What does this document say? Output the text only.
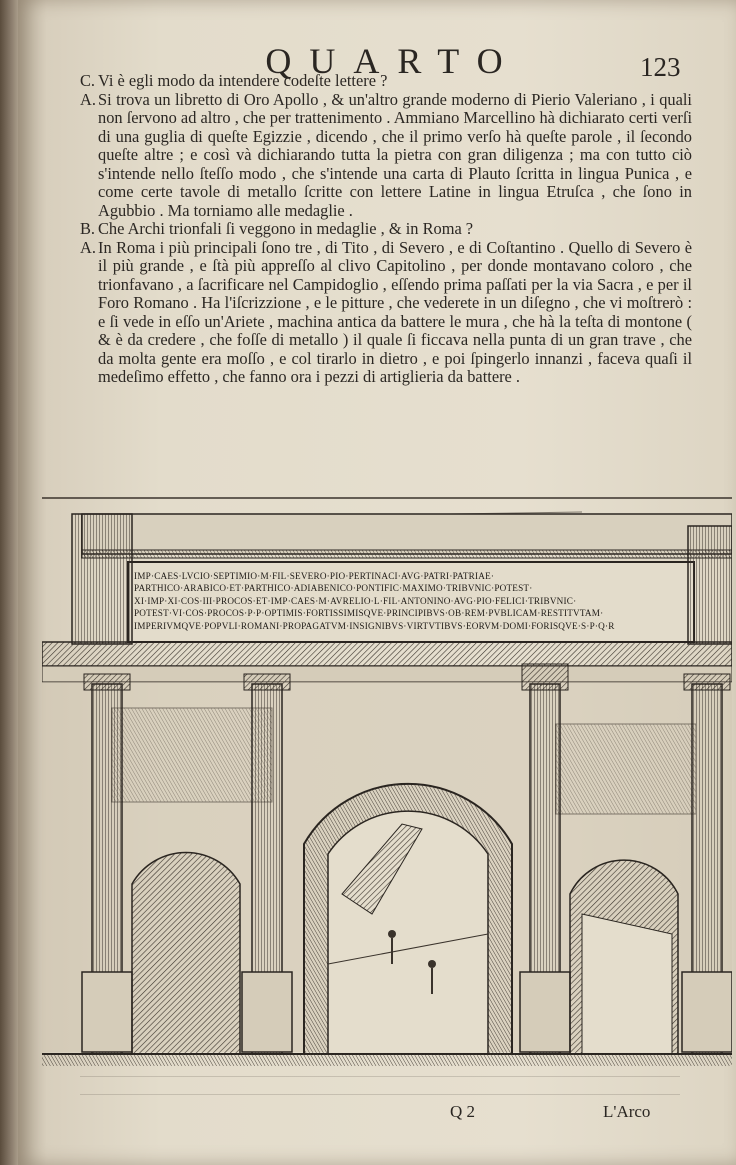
QUARTO	123
C. Vi è egli modo da intendere codeſte lettere ?
A. Si trova un libretto di Oro Apollo , & un'altro grande moderno di Pierio Valeriano , i quali non ſervono ad altro , che per trattenimento . Ammiano Marcellino hà dichiarato certi verſi di una guglia di queſte Egizzie , dicendo , che il primo verſo hà queſte parole , il ſecondo queſte altre ; e così và dichiarando tutta la pietra con gran diligenza ; ma con tutto ciò s'intende nello ſteſſo modo , che s'intende una carta di Plauto ſcritta in lingua Punica , e come certe tavole di metallo ſcritte con lettere Latine in lingua Etruſca , che ſono in Agubbio . Ma torniamo alle medaglie .
B. Che Archi trionfali ſi veggono in medaglie , & in Roma ?
A. In Roma i più principali ſono tre , di Tito , di Severo , e di Coſtantino . Quello di Severo è il più grande , e ſtà più appreſſo al clivo Capitolino , per donde montavano coloro , che trionfavano , a ſacrificare nel Campidoglio , eſſendo prima paſſati per la via Sacra , e per il Foro Romano . Ha l'iſcrizzione , e le pitture , che vederete in un diſegno , che vi moſtrerò : e ſi vede in eſſo un'Ariete , machina antica da battere le mura , che hà la teſta di montone ( & è da credere , che foſſe di metallo ) il quale ſi ficcava nella punta di un gran trave , che da molta gente era moſſo , e col tirarlo in dietro , e poi ſpingerlo innanzi , faceva quaſi il medeſimo effetto , che fanno ora i pezzi di artiglieria da battere .
IMP·CAES·LVCIO·SEPTIMIO·M·FIL·SEVERO·PIO·PERTINACI·AVG·PATRI·PATRIAE·
PARTHICO·ARABICO·ET·PARTHICO·ADIABENICO·PONTIFIC·MAXIMO·TRIBVNIC·POTEST·
XI·IMP·XI·COS·III·PROCOS·ET·IMP·CAES·M·AVRELIO·L·FIL·ANTONINO·AVG·PIO·FELICI·TRIBVNIC·
POTEST·VI·COS·PROCOS·P·P·OPTIMIS·FORTISSIMISQVE·PRINCIPIBVS·OB·REM·PVBLICAM·RESTITVTAM·
IMPERIVMQVE·POPVLI·ROMANI·PROPAGATVM·INSIGNIBVS·VIRTVTIBVS·EORVM·DOMI·FORISQVE·S·P·Q·R
Q 2	L'Arco
